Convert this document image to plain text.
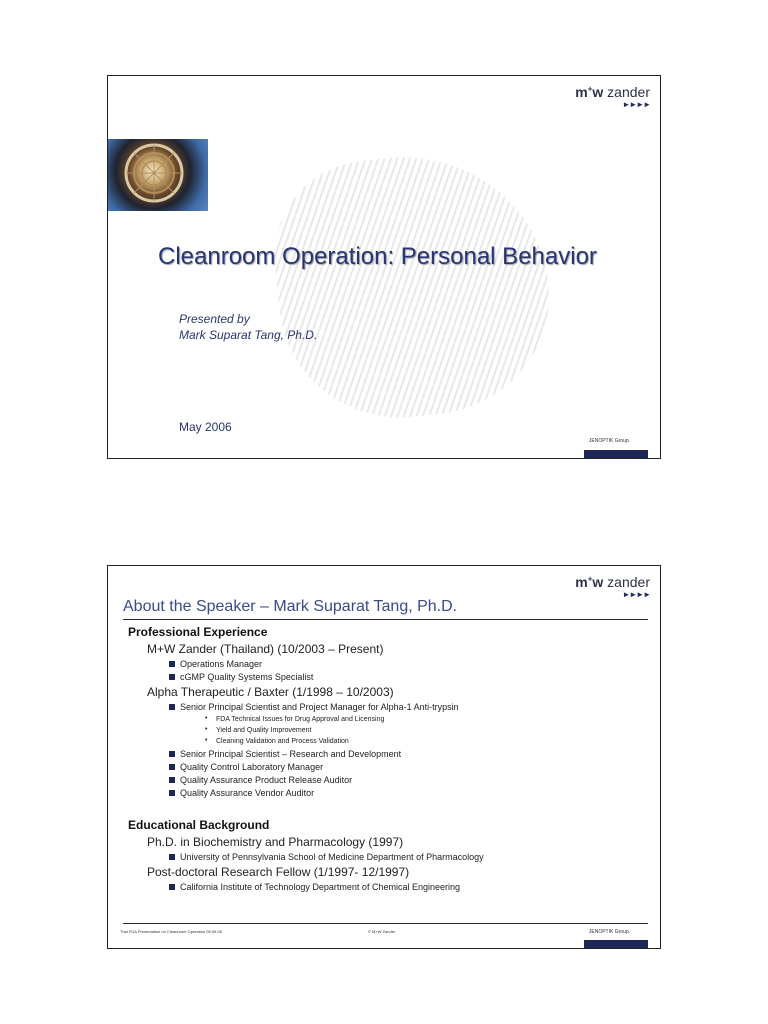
m+w zander
►►►►
Cleanroom Operation: Personal Behavior
Presented by
Mark Suparat Tang, Ph.D.
May 2006
JENOPTIK Group.
m+w zander
►►►►
About the Speaker – Mark Suparat Tang, Ph.D.
Professional Experience
M+W Zander (Thailand) (10/2003 – Present)
Operations Manager
cGMP Quality Systems Specialist
Alpha Therapeutic / Baxter (1/1998 – 10/2003)
Senior Principal Scientist and Project Manager for Alpha-1 Anti-trypsin
• FDA Technical Issues for Drug Approval and Licensing
• Yield and Quality Improvement
• Cleaning Validation and Process Validation
Senior Principal Scientist – Research and Development
Quality Control Laboratory Manager
Quality Assurance Product Release Auditor
Quality Assurance Vendor Auditor
Educational Background
Ph.D. in Biochemistry and Pharmacology (1997)
University of Pennsylvania School of Medicine Department of Pharmacology
Post-doctoral Research Fellow (1/1997- 12/1997)
California Institute of Technology Department of Chemical Engineering
Thai FDA Presentation on Cleanroom Operation 09.05.06	© M+W Zander	JENOPTIK Group.
